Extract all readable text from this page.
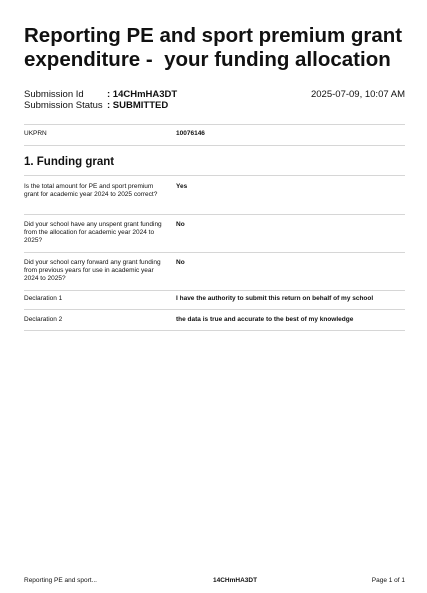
Reporting PE and sport premium grant expenditure -  your funding allocation
Submission Id	: 14CHmHA3DT
Submission Status : SUBMITTED
2025-07-09, 10:07 AM
UKPRN	10076146
1. Funding grant
Is the total amount for PE and sport premium grant for academic year 2024 to 2025 correct?
Yes
Did your school have any unspent grant funding from the allocation for academic year 2024 to 2025?
No
Did your school carry forward any grant funding from previous years for use in academic year 2024 to 2025?
No
Declaration 1	I have the authority to submit this return on behalf of my school
Declaration 2	the data is true and accurate to the best of my knowledge
Reporting PE and sport...	14CHmHA3DT	Page 1 of 1
